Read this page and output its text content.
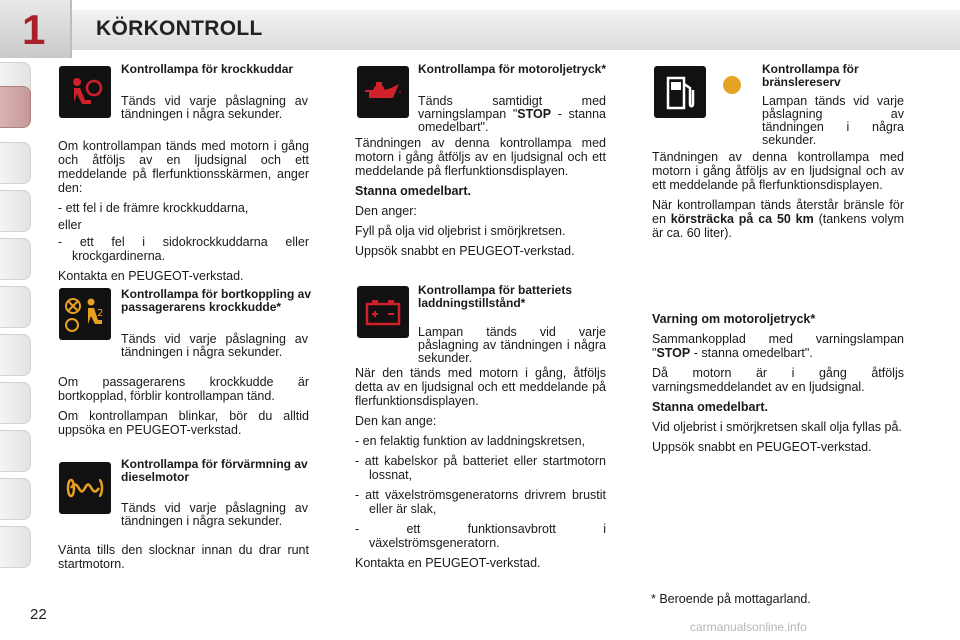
1 KÖRKONTROLL
Kontrollampa för krockkuddar
Tänds vid varje påslagning av tändningen i några sekunder.

Om kontrollampan tänds med motorn i gång och åtföljs av en ljudsignal och ett meddelande på flerfunktionsskärmen, anger den:

- ett fel i de främre krockkuddarna,

eller

- ett fel i sidokrockkuddarna eller krockgardinerna.

Kontakta en PEUGEOT-verkstad.

2
Kontrollampa för bortkoppling av passagerarens krockkudde*
Tänds vid varje påslagning av tändningen i några sekunder.

Om passagerarens krockkudde är bortkopplad, förblir kontrollampan tänd.

Om kontrollampan blinkar, bör du alltid uppsöka en PEUGEOT-verkstad.

Kontrollampa för förvärmning av dieselmotor
Tänds vid varje påslagning av tändningen i några sekunder.

Vänta tills den slocknar innan du drar runt startmotorn.

Kontrollampa för motoroljetryck*
Tänds samtidigt med varningslampan "STOP - stanna omedelbart".

Tändningen av denna kontrollampa med motorn i gång åtföljs av en ljudsignal och ett meddelande på flerfunktionsdisplayen.

Stanna omedelbart.

Den anger:

Fyll på olja vid oljebrist i smörjkretsen.

Uppsök snabbt en PEUGEOT-verkstad.

Kontrollampa för batteriets laddningstillstånd*
Lampan tänds vid varje påslagning av tändningen i några sekunder.

När den tänds med motorn i gång, åtföljs detta av en ljudsignal och ett meddelande på flerfunktionsdisplayen.

Den kan ange:

- en felaktig funktion av laddningskretsen,

- att kabelskor på batteriet eller startmotorn lossnat,

- att växelströmsgeneratorns drivrem brustit eller är slak,

- ett funktionsavbrott i växelströmsgeneratorn.

Kontakta en PEUGEOT-verkstad.

Kontrollampa för bränslereserv
Lampan tänds vid varje påslagning av tändningen i några sekunder.

Tändningen av denna kontrollampa med motorn i gång åtföljs av en ljudsignal och av ett meddelande på flerfunktionsdisplayen.

När kontrollampan tänds återstår bränsle för en körsträcka på ca 50 km (tankens volym är ca. 60 liter).

Varning om motoroljetryck*

Sammankopplad med varningslampan "STOP - stanna omedelbart".

Då motorn är i gång åtföljs varningsmeddelandet av en ljudsignal.

Stanna omedelbart.

Vid oljebrist i smörjkretsen skall olja fyllas på.

Uppsök snabbt en PEUGEOT-verkstad.

* Beroende på mottagarland.
22
carmanualsonline.info
